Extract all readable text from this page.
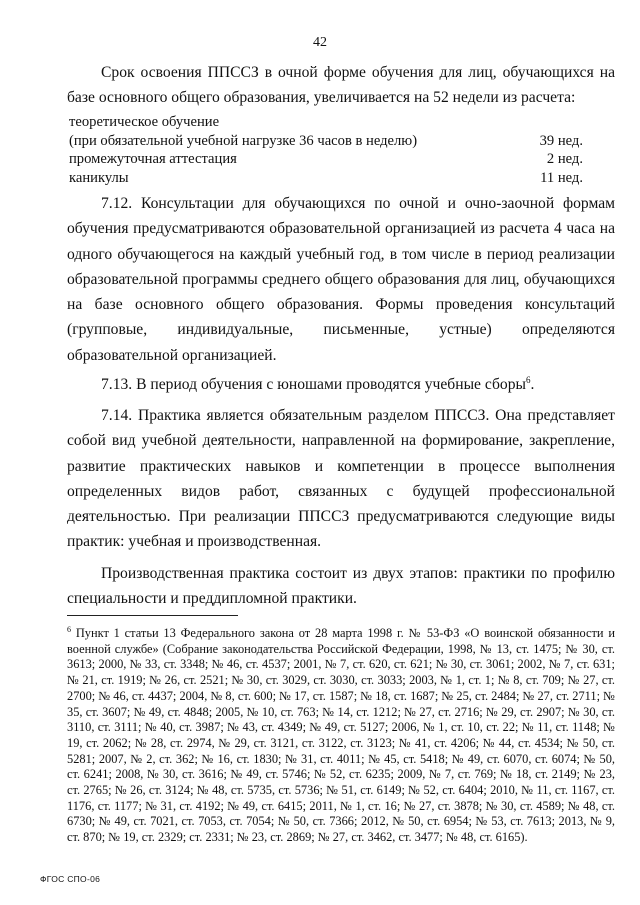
42

Срок освоения ППССЗ в очной форме обучения для лиц, обучающихся на базе основного общего образования, увеличивается на 52 недели из расчета:

теоретическое обучение
(при обязательной учебной нагрузке 36 часов в неделю)	39 нед.
промежуточная аттестация	2 нед.
каникулы	11 нед.

7.12. Консультации для обучающихся по очной и очно-заочной формам обучения предусматриваются образовательной организацией из расчета 4 часа на одного обучающегося на каждый учебный год, в том числе в период реализации образовательной программы среднего общего образования для лиц, обучающихся на базе основного общего образования. Формы проведения консультаций (групповые, индивидуальные, письменные, устные) определяются образовательной организацией.

7.13. В период обучения с юношами проводятся учебные сборы$^6$.

7.14. Практика является обязательным разделом ППССЗ. Она представляет собой вид учебной деятельности, направленной на формирование, закрепление, развитие практических навыков и компетенции в процессе выполнения определенных видов работ, связанных с будущей профессиональной деятельностью. При реализации ППССЗ предусматриваются следующие виды практик: учебная и производственная.

Производственная практика состоит из двух этапов: практики по профилю специальности и преддипломной практики.

$^6$ Пункт 1 статьи 13 Федерального закона от 28 марта 1998 г. № 53-ФЗ «О воинской обязанности и военной службе» (Собрание законодательства Российской Федерации, 1998, № 13, ст. 1475; № 30, ст. 3613; 2000, № 33, ст. 3348; № 46, ст. 4537; 2001, № 7, ст. 620, ст. 621; № 30, ст. 3061; 2002, № 7, ст. 631; № 21, ст. 1919; № 26, ст. 2521; № 30, ст. 3029, ст. 3030, ст. 3033; 2003, № 1, ст. 1; № 8, ст. 709; № 27, ст. 2700; № 46, ст. 4437; 2004, № 8, ст. 600; № 17, ст. 1587; № 18, ст. 1687; № 25, ст. 2484; № 27, ст. 2711; № 35, ст. 3607; № 49, ст. 4848; 2005, № 10, ст. 763; № 14, ст. 1212; № 27, ст. 2716; № 29, ст. 2907; № 30, ст. 3110, ст. 3111; № 40, ст. 3987; № 43, ст. 4349; № 49, ст. 5127; 2006, № 1, ст. 10, ст. 22; № 11, ст. 1148; № 19, ст. 2062; № 28, ст. 2974, № 29, ст. 3121, ст. 3122, ст. 3123; № 41, ст. 4206; № 44, ст. 4534; № 50, ст. 5281; 2007, № 2, ст. 362; № 16, ст. 1830; № 31, ст. 4011; № 45, ст. 5418; № 49, ст. 6070, ст. 6074; № 50, ст. 6241; 2008, № 30, ст. 3616; № 49, ст. 5746; № 52, ст. 6235; 2009, № 7, ст. 769; № 18, ст. 2149; № 23, ст. 2765; № 26, ст. 3124; № 48, ст. 5735, ст. 5736; № 51, ст. 6149; № 52, ст. 6404; 2010, № 11, ст. 1167, ст. 1176, ст. 1177; № 31, ст. 4192; № 49, ст. 6415; 2011, № 1, ст. 16; № 27, ст. 3878; № 30, ст. 4589; № 48, ст. 6730; № 49, ст. 7021, ст. 7053, ст. 7054; № 50, ст. 7366; 2012, № 50, ст. 6954; № 53, ст. 7613; 2013, № 9, ст. 870; № 19, ст. 2329; ст. 2331; № 23, ст. 2869; № 27, ст. 3462, ст. 3477; № 48, ст. 6165).

ФГОС СПО-06
